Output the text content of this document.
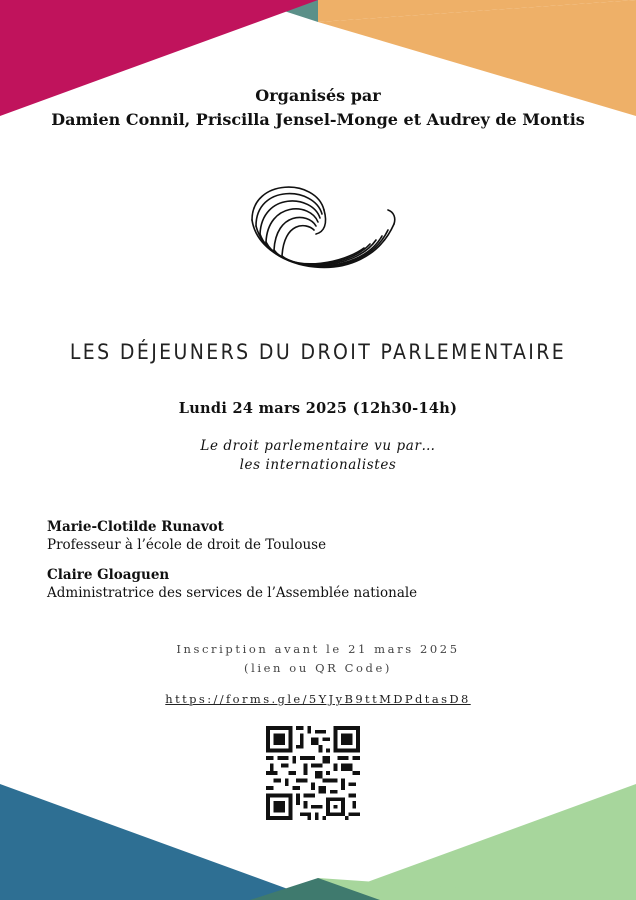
Organisés par
Damien Connil, Priscilla Jensel-Monge et Audrey de Montis
LES DÉJEUNERS DU DROIT PARLEMENTAIRE
Lundi 24 mars 2025 (12h30-14h)
Le droit parlementaire vu par…
les internationalistes
Marie-Clotilde Runavot
Professeur à l’école de droit de Toulouse
Claire Gloaguen
Administratrice des services de l’Assemblée nationale
Inscription avant le 21 mars 2025
(lien ou QR Code)
https://forms.gle/5YJyB9ttMDPdtasD8
